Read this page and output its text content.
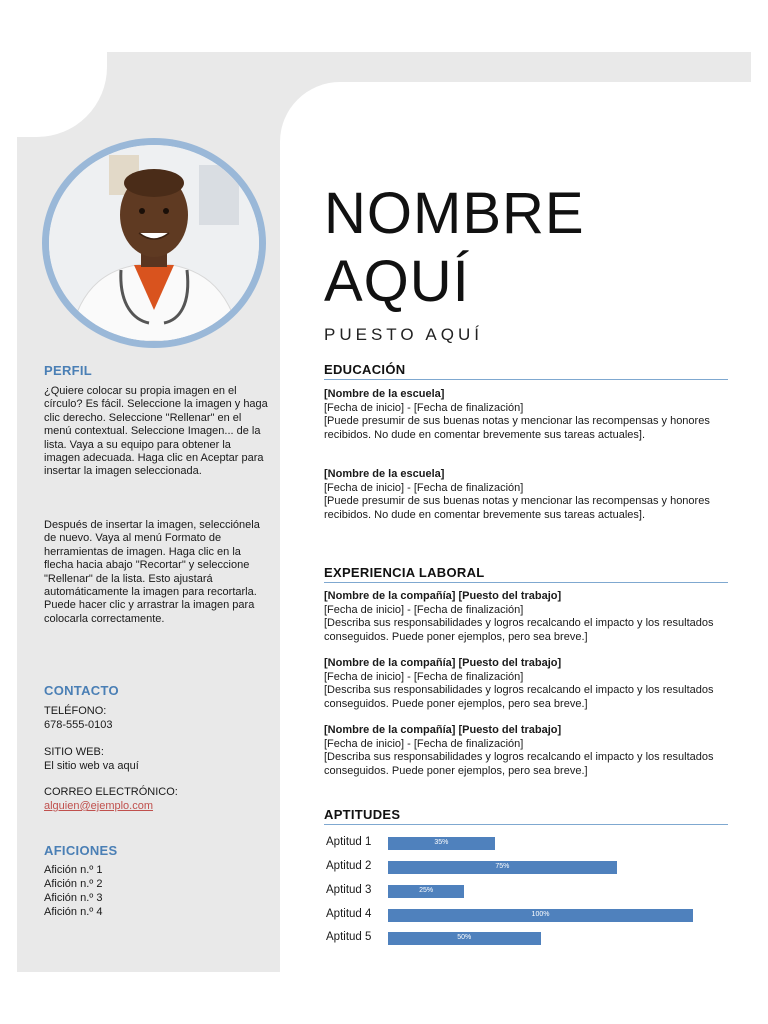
PERFIL
¿Quiere colocar su propia imagen en el círculo? Es fácil. Seleccione la imagen y haga clic derecho. Seleccione "Rellenar" en el menú contextual. Seleccione Imagen... de la lista. Vaya a su equipo para obtener la imagen adecuada. Haga clic en Aceptar para insertar la imagen seleccionada.
Después de insertar la imagen, selecciónela de nuevo. Vaya al menú Formato de herramientas de imagen. Haga clic en la flecha hacia abajo "Recortar" y seleccione "Rellenar" de la lista. Esto ajustará automáticamente la imagen para recortarla. Puede hacer clic y arrastrar la imagen para colocarla correctamente.
CONTACTO
TELÉFONO:
678-555-0103
SITIO WEB:
El sitio web va aquí
CORREO ELECTRÓNICO:
alguien@ejemplo.com
AFICIONES
Afición n.º 1
Afición n.º 2
Afición n.º 3
Afición n.º 4
NOMBRE
AQUÍ
PUESTO AQUÍ
EDUCACIÓN
[Nombre de la escuela]
[Fecha de inicio] - [Fecha de finalización]
[Puede presumir de sus buenas notas y mencionar las recompensas y honores recibidos. No dude en comentar brevemente sus tareas actuales].
[Nombre de la escuela]
[Fecha de inicio] - [Fecha de finalización]
[Puede presumir de sus buenas notas y mencionar las recompensas y honores recibidos. No dude en comentar brevemente sus tareas actuales].
EXPERIENCIA LABORAL
[Nombre de la compañía] [Puesto del trabajo]
[Fecha de inicio] - [Fecha de finalización]
[Describa sus responsabilidades y logros recalcando el impacto y los resultados conseguidos. Puede poner ejemplos, pero sea breve.]
[Nombre de la compañía] [Puesto del trabajo]
[Fecha de inicio] - [Fecha de finalización]
[Describa sus responsabilidades y logros recalcando el impacto y los resultados conseguidos. Puede poner ejemplos, pero sea breve.]
[Nombre de la compañía] [Puesto del trabajo]
[Fecha de inicio] - [Fecha de finalización]
[Describa sus responsabilidades y logros recalcando el impacto y los resultados conseguidos. Puede poner ejemplos, pero sea breve.]
APTITUDES
Aptitud 1	35%
Aptitud 2	75%
Aptitud 3	25%
Aptitud 4	100%
Aptitud 5	50%
